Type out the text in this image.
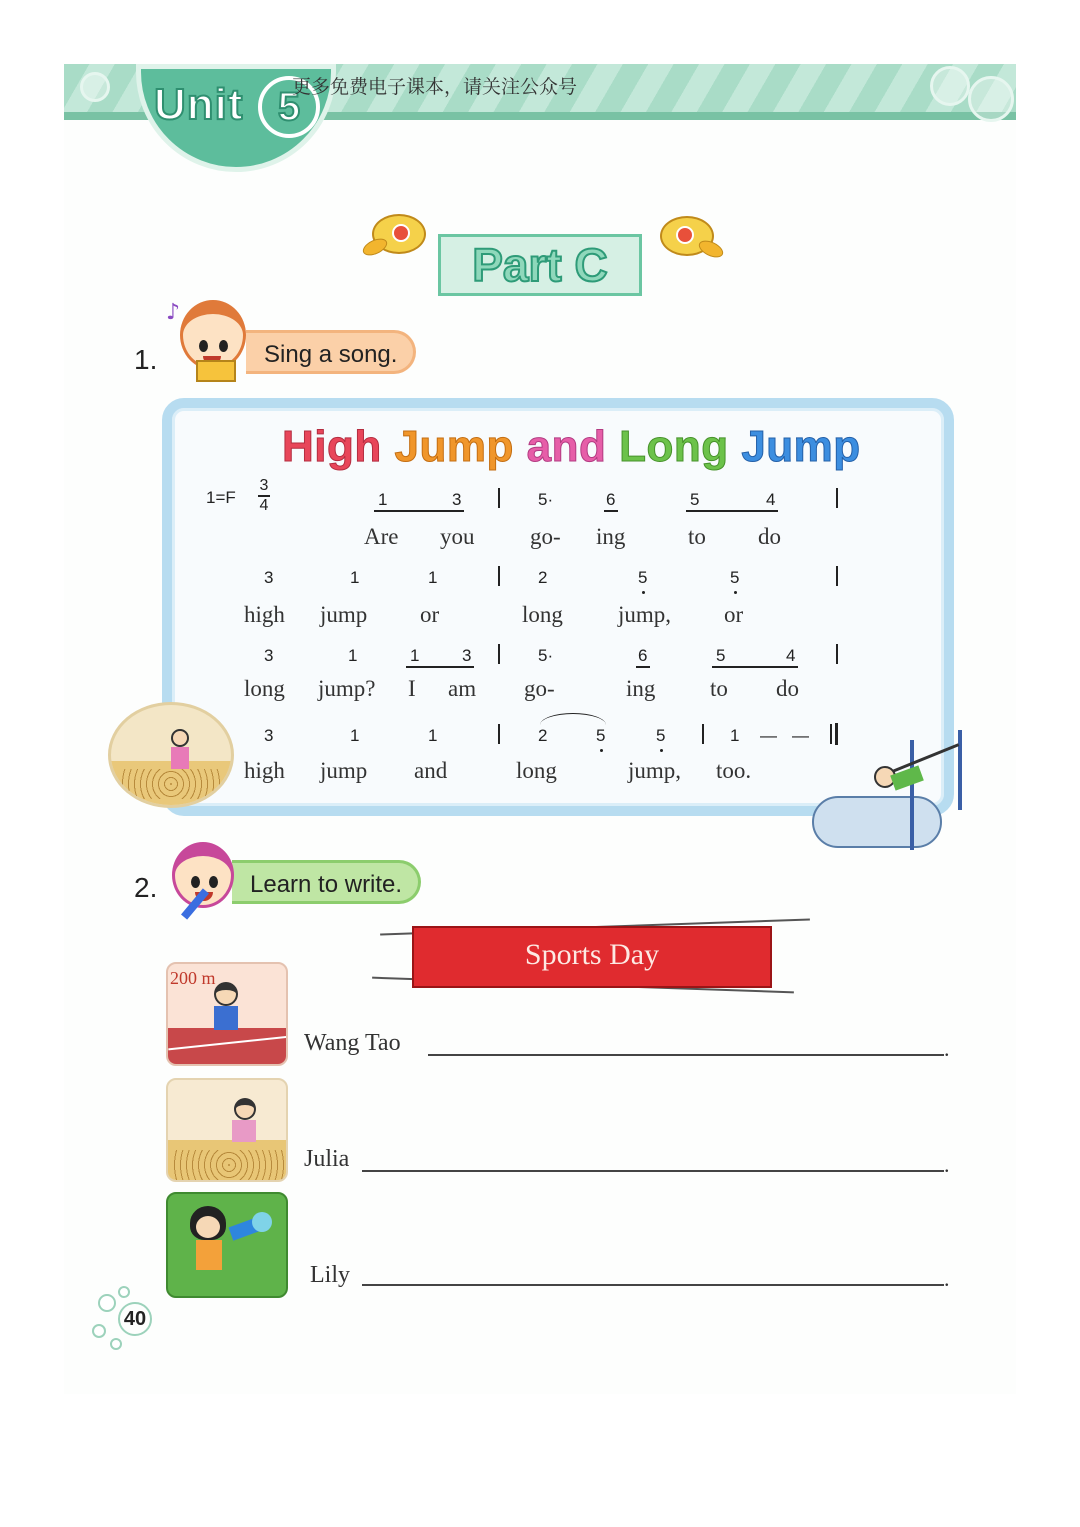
Unit 5
更多免费电子课本，请关注公众号
Part C
1.	Sing a song.
♪
High Jump and Long Jump
1=F
3
4	1	3	5·	6	5	4
Are you go- ing	to do
3	1	1	2	5	5
high jump or	long jump, or
3	1	1	3	5·	6	5	4
long jump? I am go-	ing to do
3	1	1	2	5	5	1 — —
high jump and	long	jump, too.
2.	Learn to write.
Sports Day
200 m
Wang Tao	.
Julia	.
Lily	.
40
